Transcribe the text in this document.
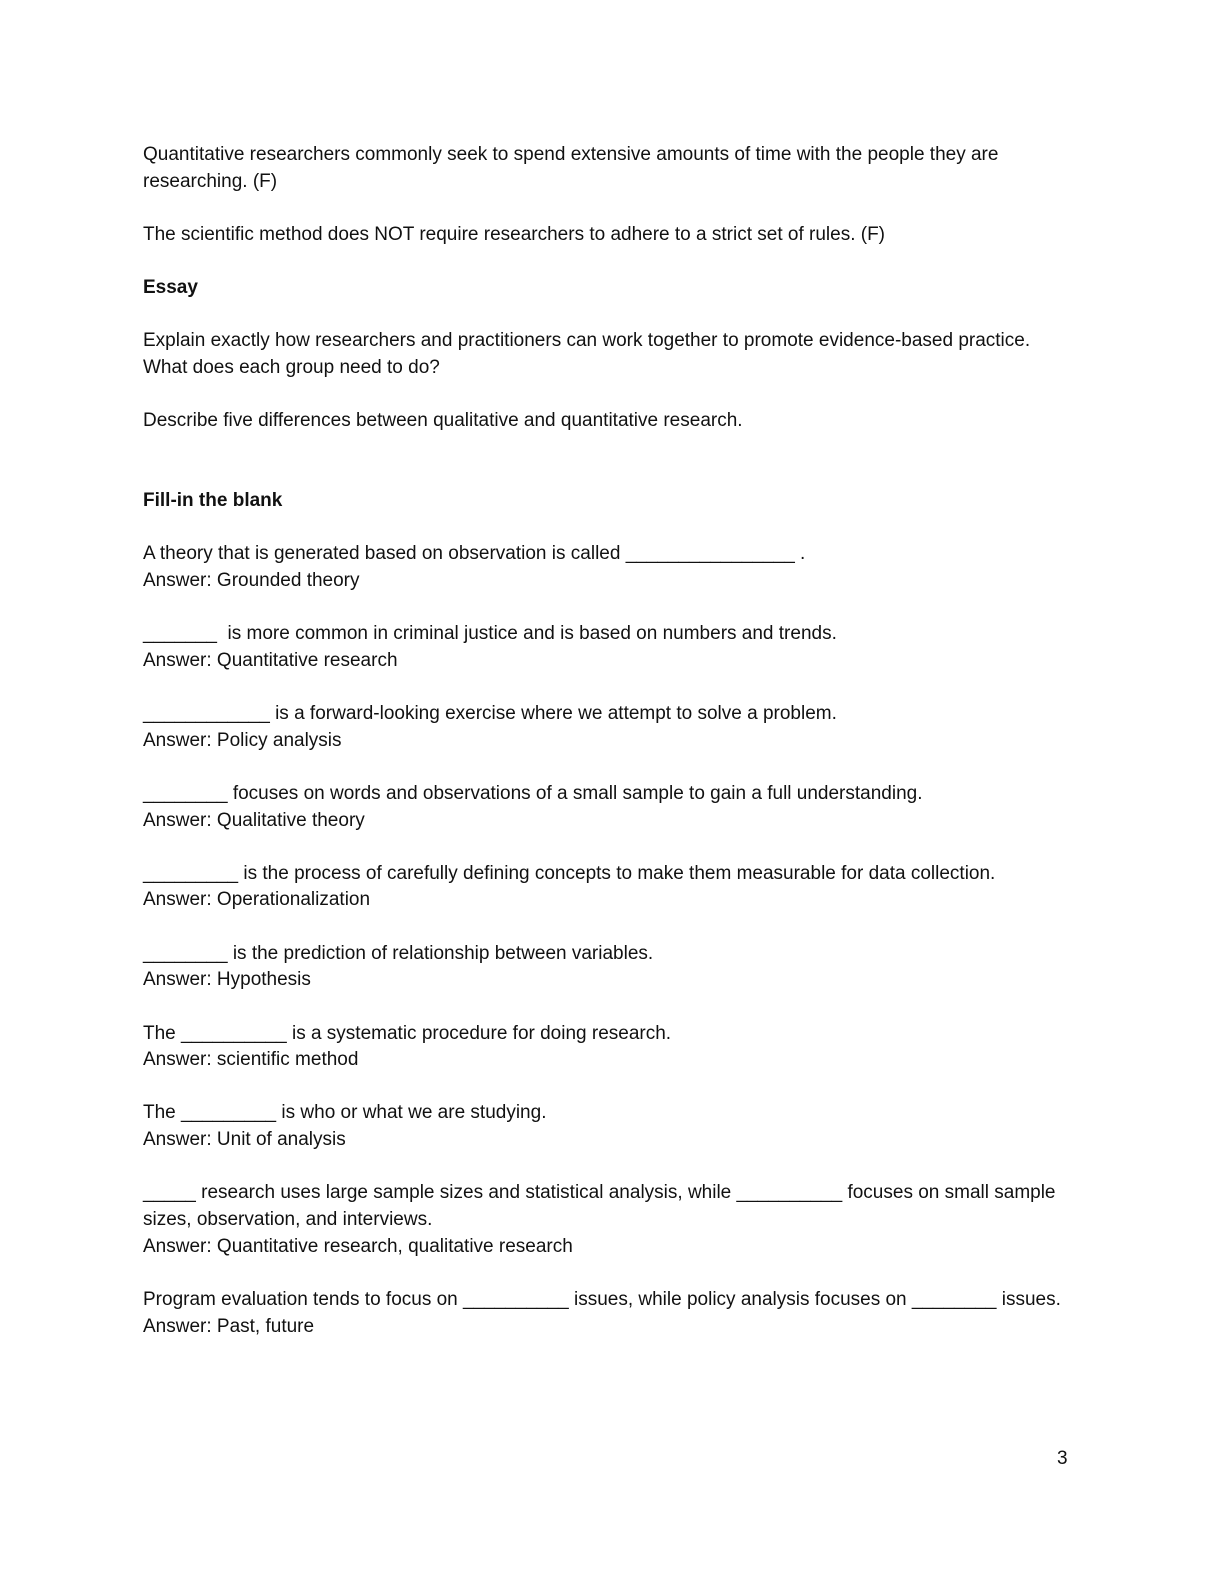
Quantitative researchers commonly seek to spend extensive amounts of time with the people they are researching. (F)

The scientific method does NOT require researchers to adhere to a strict set of rules. (F)

Essay

Explain exactly how researchers and practitioners can work together to promote evidence-based practice. What does each group need to do?

Describe five differences between qualitative and quantitative research.

Fill-in the blank

A theory that is generated based on observation is called ________________ .
Answer: Grounded theory
_______  is more common in criminal justice and is based on numbers and trends.
Answer: Quantitative research
____________ is a forward-looking exercise where we attempt to solve a problem.
Answer: Policy analysis
________ focuses on words and observations of a small sample to gain a full understanding.
Answer: Qualitative theory
_________ is the process of carefully defining concepts to make them measurable for data collection.
Answer: Operationalization
________ is the prediction of relationship between variables.
Answer: Hypothesis
The __________ is a systematic procedure for doing research.
Answer: scientific method
The _________ is who or what we are studying.
Answer: Unit of analysis
_____ research uses large sample sizes and statistical analysis, while __________ focuses on small sample sizes, observation, and interviews.
Answer: Quantitative research, qualitative research
Program evaluation tends to focus on __________ issues, while policy analysis focuses on ________ issues.
Answer: Past, future
3
